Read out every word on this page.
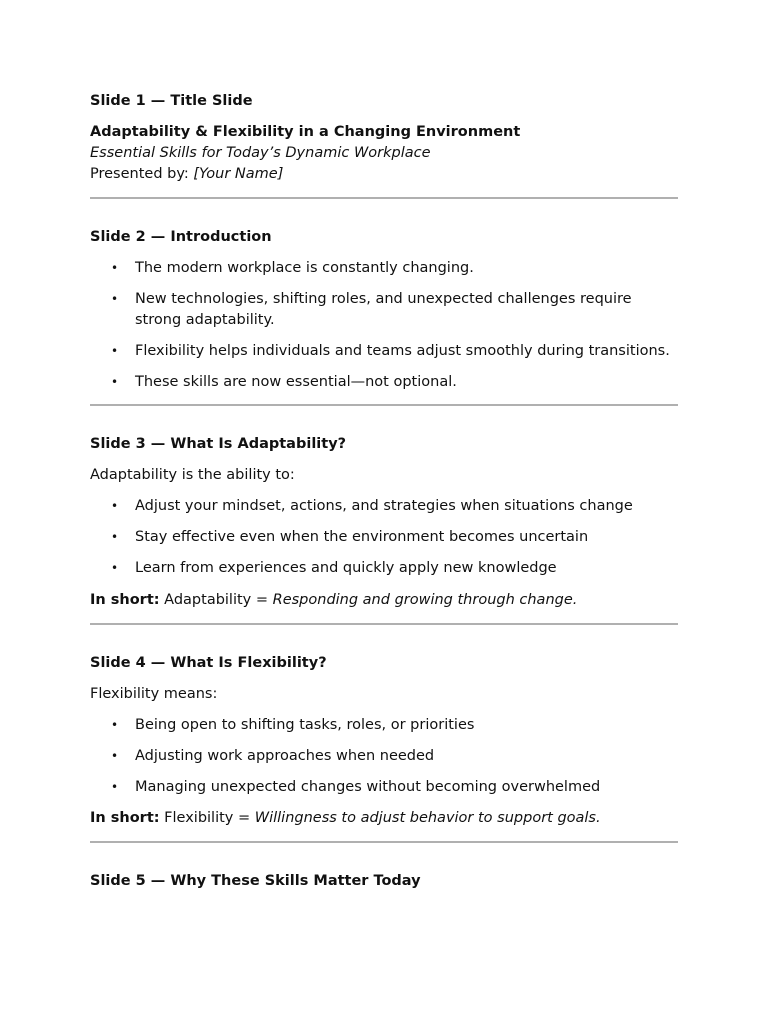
Slide 1 — Title Slide

Adaptability & Flexibility in a Changing Environment

Essential Skills for Today’s Dynamic Workplace

Presented by: [Your Name]

Slide 2 — Introduction

• The modern workplace is constantly changing.
• New technologies, shifting roles, and unexpected challenges require strong adaptability.
• Flexibility helps individuals and teams adjust smoothly during transitions.
• These skills are now essential—not optional.

Slide 3 — What Is Adaptability?

Adaptability is the ability to:

• Adjust your mindset, actions, and strategies when situations change
• Stay effective even when the environment becomes uncertain
• Learn from experiences and quickly apply new knowledge

In short: Adaptability = Responding and growing through change.

Slide 4 — What Is Flexibility?

Flexibility means:

• Being open to shifting tasks, roles, or priorities
• Adjusting work approaches when needed
• Managing unexpected changes without becoming overwhelmed

In short: Flexibility = Willingness to adjust behavior to support goals.

Slide 5 — Why These Skills Matter Today
